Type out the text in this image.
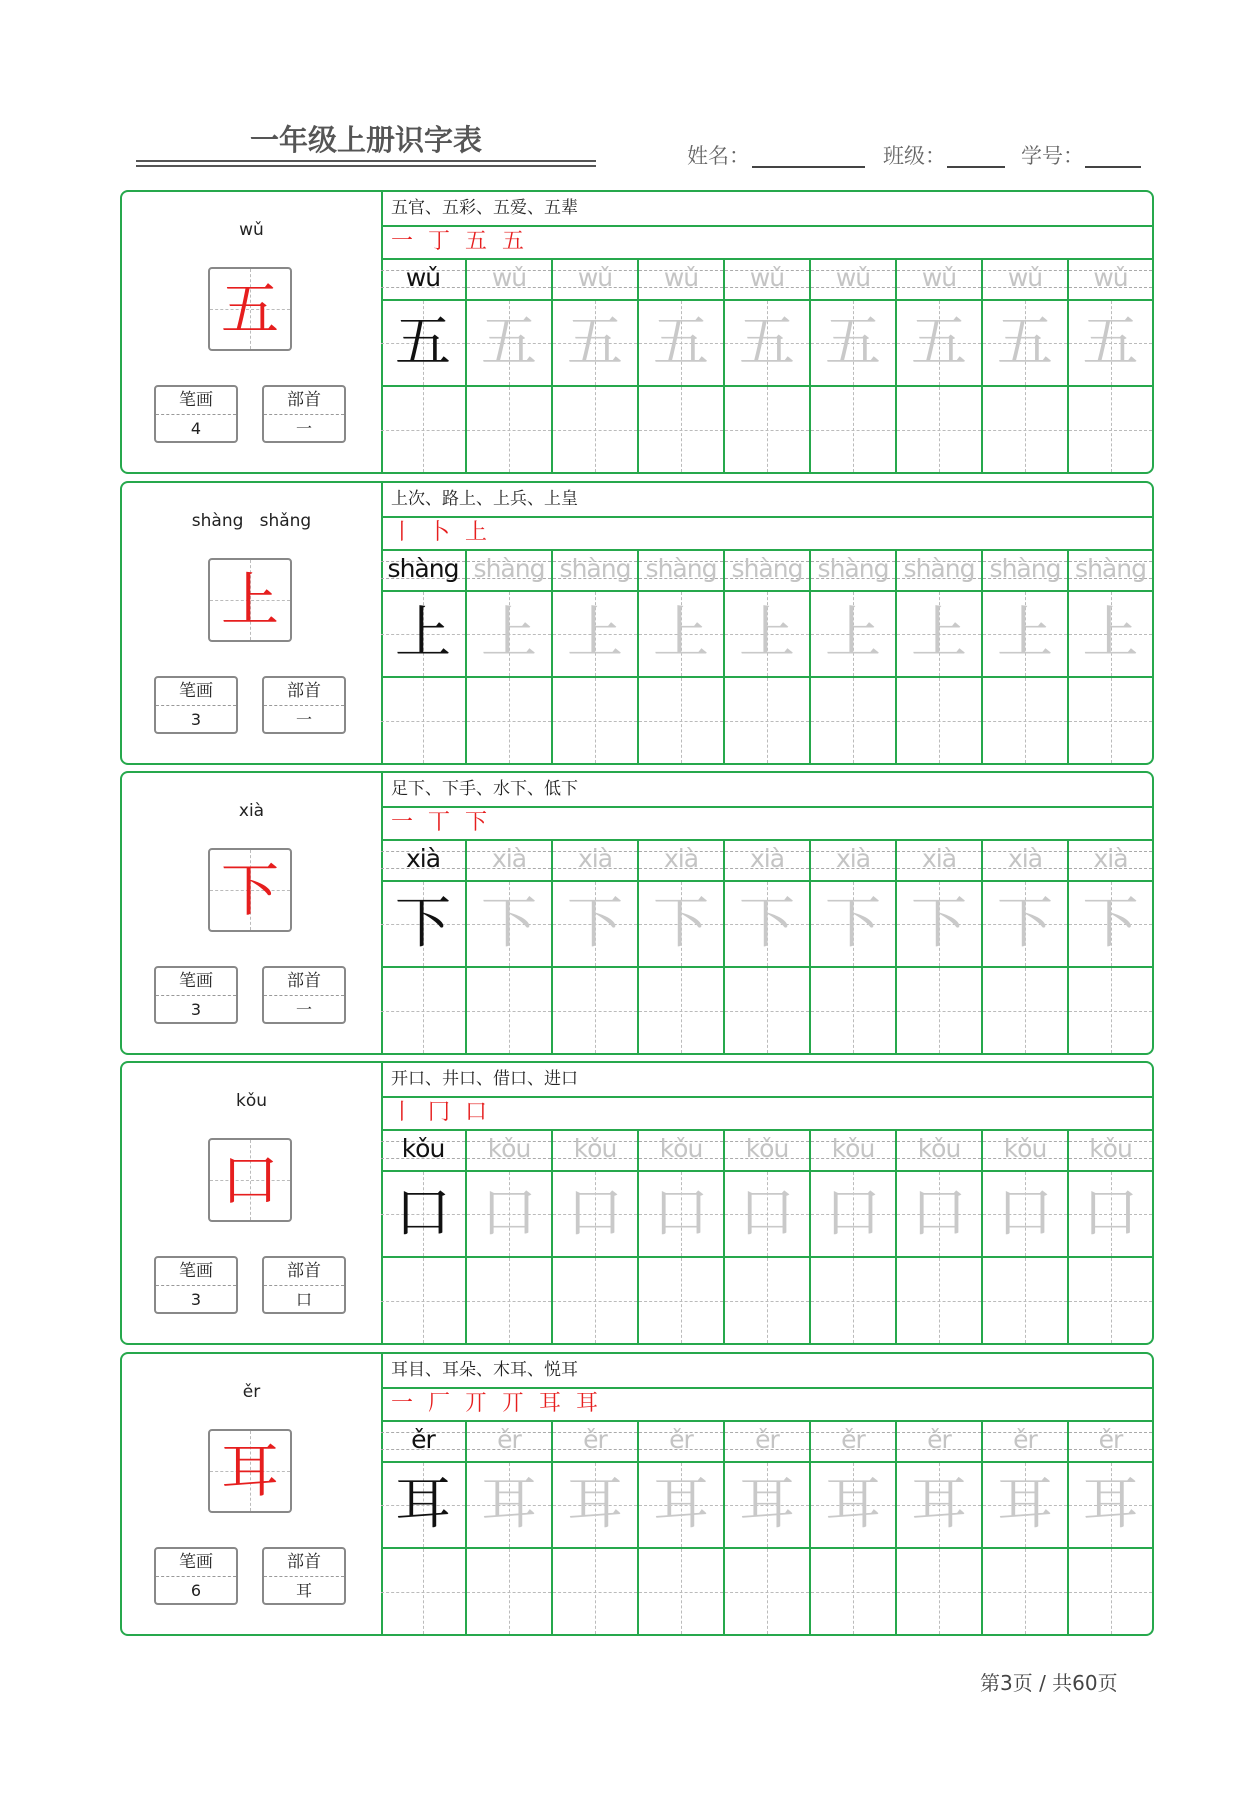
一年级上册识字表	姓名：	班级：	学号：
wǔ
五
笔画
4
部首
一
五官、五彩、五爱、五辈
一 丁 五 五
wǔ
五
wǔ
五
wǔ
五
wǔ
五
wǔ
五
wǔ
五
wǔ
五
wǔ
五
wǔ
五
shàng   shǎng
上
笔画
3
部首
一
上次、路上、上兵、上皇
丨 卜 上
shàng
上
shàng
上
shàng
上
shàng
上
shàng
上
shàng
上
shàng
上
shàng
上
shàng
上
xià
下
笔画
3
部首
一
足下、下手、水下、低下
一 丅 下
xià
下
xià
下
xià
下
xià
下
xià
下
xià
下
xià
下
xià
下
xià
下
kǒu
口
笔画
3
部首
口
开口、井口、借口、进口
丨 冂 口
kǒu
口
kǒu
口
kǒu
口
kǒu
口
kǒu
口
kǒu
口
kǒu
口
kǒu
口
kǒu
口
ěr
耳
笔画
6
部首
耳
耳目、耳朵、木耳、悦耳
一 厂 丌 丌 耳 耳
ěr
耳
ěr
耳
ěr
耳
ěr
耳
ěr
耳
ěr
耳
ěr
耳
ěr
耳
ěr
耳
第3页 / 共60页
